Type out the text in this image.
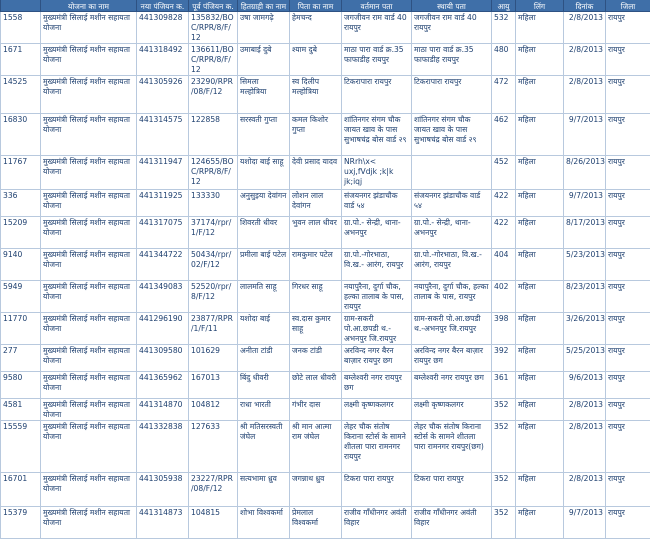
	योजना का नाम	नया पंजियन क.	पूर्व पंजियन क.	हितग्राही का नाम	पिता का नाम	वर्तमान पता	स्थायी पता	आयु	लिंग	दिनांक	जिला
1558	मुख्यमंत्री सिलाई मशीन सहायता योजना	441309828	135832/BOC/RPR/8/F/12	उषा जामगढ़े	हेमचन्द	जगजीवन राम वार्ड 40 रायपुर	जगजीवन राम वार्ड 40 रायपुर	532	महिला	2/8/2013	रायपुर
1671	मुख्यमंत्री सिलाई मशीन सहायता योजना	441318492	136611/BOC/RPR/8/F/12	उमाबाई दुबे	श्याम दुबे	माठा पारा वार्ड क्र.35 फाफाडीह रायपुर	माठा पारा वार्ड क्र.35 फाफाडीह रायपुर	480	महिला	2/8/2013	रायपुर
14525	मुख्यमंत्री सिलाई मशीन सहायता योजना	441305926	23290/RPR/08/F/12	सिमला मल्होत्रिया	स्व दिलीप मल्होत्रिया	टिकरापारा रायपुर	टिकरापारा रायपुर	472	महिला	2/8/2013	रायपुर
16830	मुख्यमंत्री सिलाई मशीन सहायता योजना	441314575	122858	सरस्वती गुप्ता	कमल किशोर गुप्ता	शांतिनगर संगम चौक जायत खाव के पास सुभाषचंद्र बोस वार्ड २९	शांतिनगर संगम चौक जायत खाव के पास सुभाषचंद्र बोस वार्ड २९	462	महिला	9/7/2013	रायपुर
11767	मुख्यमंत्री सिलाई मशीन सहायता योजना	441311947	124655/BOC/RPR/8/F/12	यशोदा बाई साहू	देवी प्रसाद यादव	NRrh\x< uxj,fVdjk ;k|k jk;iqj		452	महिला	8/26/2013	रायपुर
336	मुख्यमंत्री सिलाई मशीन सहायता योजना	441311925	133330	अनुसुइया देवांगन	लोशन लाल देवांगन	संजयनगर झंडाचौक वार्ड ५४	संजयनगर झंडाचौक वार्ड ५४	422	महिला	9/7/2013	रायपुर
15209	मुख्यमंत्री सिलाई मशीन सहायता योजना	441317075	37174/rpr/1/F/12	शिवरती धीवर	भुवन लाल धीवर	ग्रा.पो.- सेन्द्री, थाना-अभनपुर	ग्रा.पो.- सेन्द्री, थाना-अभनपुर	422	महिला	8/17/2013	रायपुर
9140	मुख्यमंत्री सिलाई मशीन सहायता योजना	441344722	50434/rpr/02/F/12	प्रमीला बाई पटेल	रामकुमार पटेल	ग्रा.पो.-गोरभाठा, वि.ख.- आरंग, रायपुर	ग्रा.पो.-गोरभाठा, वि.ख.- आरंग, रायपुर	404	महिला	5/23/2013	रायपुर
5949	मुख्यमंत्री सिलाई मशीन सहायता योजना	441349083	52520/rpr/8/F/12	लालमति साहू	गिरधर साहू	नयापुरैना, दुर्गा चौक, हल्का तालाब के पास, रायपुर	नयापुरैना, दुर्गा चौक, हल्का तालाब के पास, रायपुर	402	महिला	8/23/2013	रायपुर
11770	मुख्यमंत्री सिलाई मशीन सहायता योजना	441296190	23877/RPR/1/F/11	यशोदा बाई	स्व.दास कुमार साहू	ग्राम-सकरी पो.आ.छपडी थ.-अभनपुर जि.रायपुर	ग्राम-सकरी पो.आ.छपडी थ.-अभनपुर जि.रायपुर	398	महिला	3/26/2013	रायपुर
277	मुख्यमंत्री सिलाई मशीन सहायता योजना	441309580	101629	अनीता टांडी	जनक टांडी	अरविन्द नगर बैरन बाज़ार रायपुर छग	अरविन्द नगर बैरन बाज़ार रायपुर छग	392	महिला	5/25/2013	रायपुर
9580	मुख्यमंत्री सिलाई मशीन सहायता योजना	441365962	167013	बिंदु धीवरी	छोटे लाल धीवरी	बम्लेश्वरी नगर रायपुर छग	बम्लेश्वरी नगर रायपुर छग	361	महिला	9/6/2013	रायपुर
4581	मुख्यमंत्री सिलाई मशीन सहायता योजना	441314870	104812	राधा भारती	गंभीर दास	लक्ष्मी कृष्णकलगर	लक्ष्मी कृष्णकलगर	352	महिला	2/8/2013	रायपुर
15559	मुख्यमंत्री सिलाई मशीन सहायता योजना	441332838	127633	श्री मतिसरस्वती जंघेल	श्री मान आत्मा राम जंघेल	लेहर चौक संतोष किराना स्टोर्स के सामने शीतला पारा रामनगर रायपुर	लेहर चौक संतोष किराना स्टोर्स के सामने शीतला पारा रामनगर रायपुर(छग)	352	महिला	2/8/2013	रायपुर
16701	मुख्यमंत्री सिलाई मशीन सहायता योजना	441305938	23227/RPR/08/F/12	सत्यभामा ध्रुव	जगन्नाथ ध्रुव	टिकरा पारा रायपुर	टिकरा पारा रायपुर	352	महिला	2/8/2013	रायपुर
15379	मुख्यमंत्री सिलाई मशीन सहायता योजना	441314873	104815	शोभा विश्वकर्मा	प्रेमलाल विश्वकर्मा	राजीव गाँधीनगर अवंती विहार	राजीव गाँधीनगर अवंती विहार	352	महिला	9/7/2013	रायपुर
